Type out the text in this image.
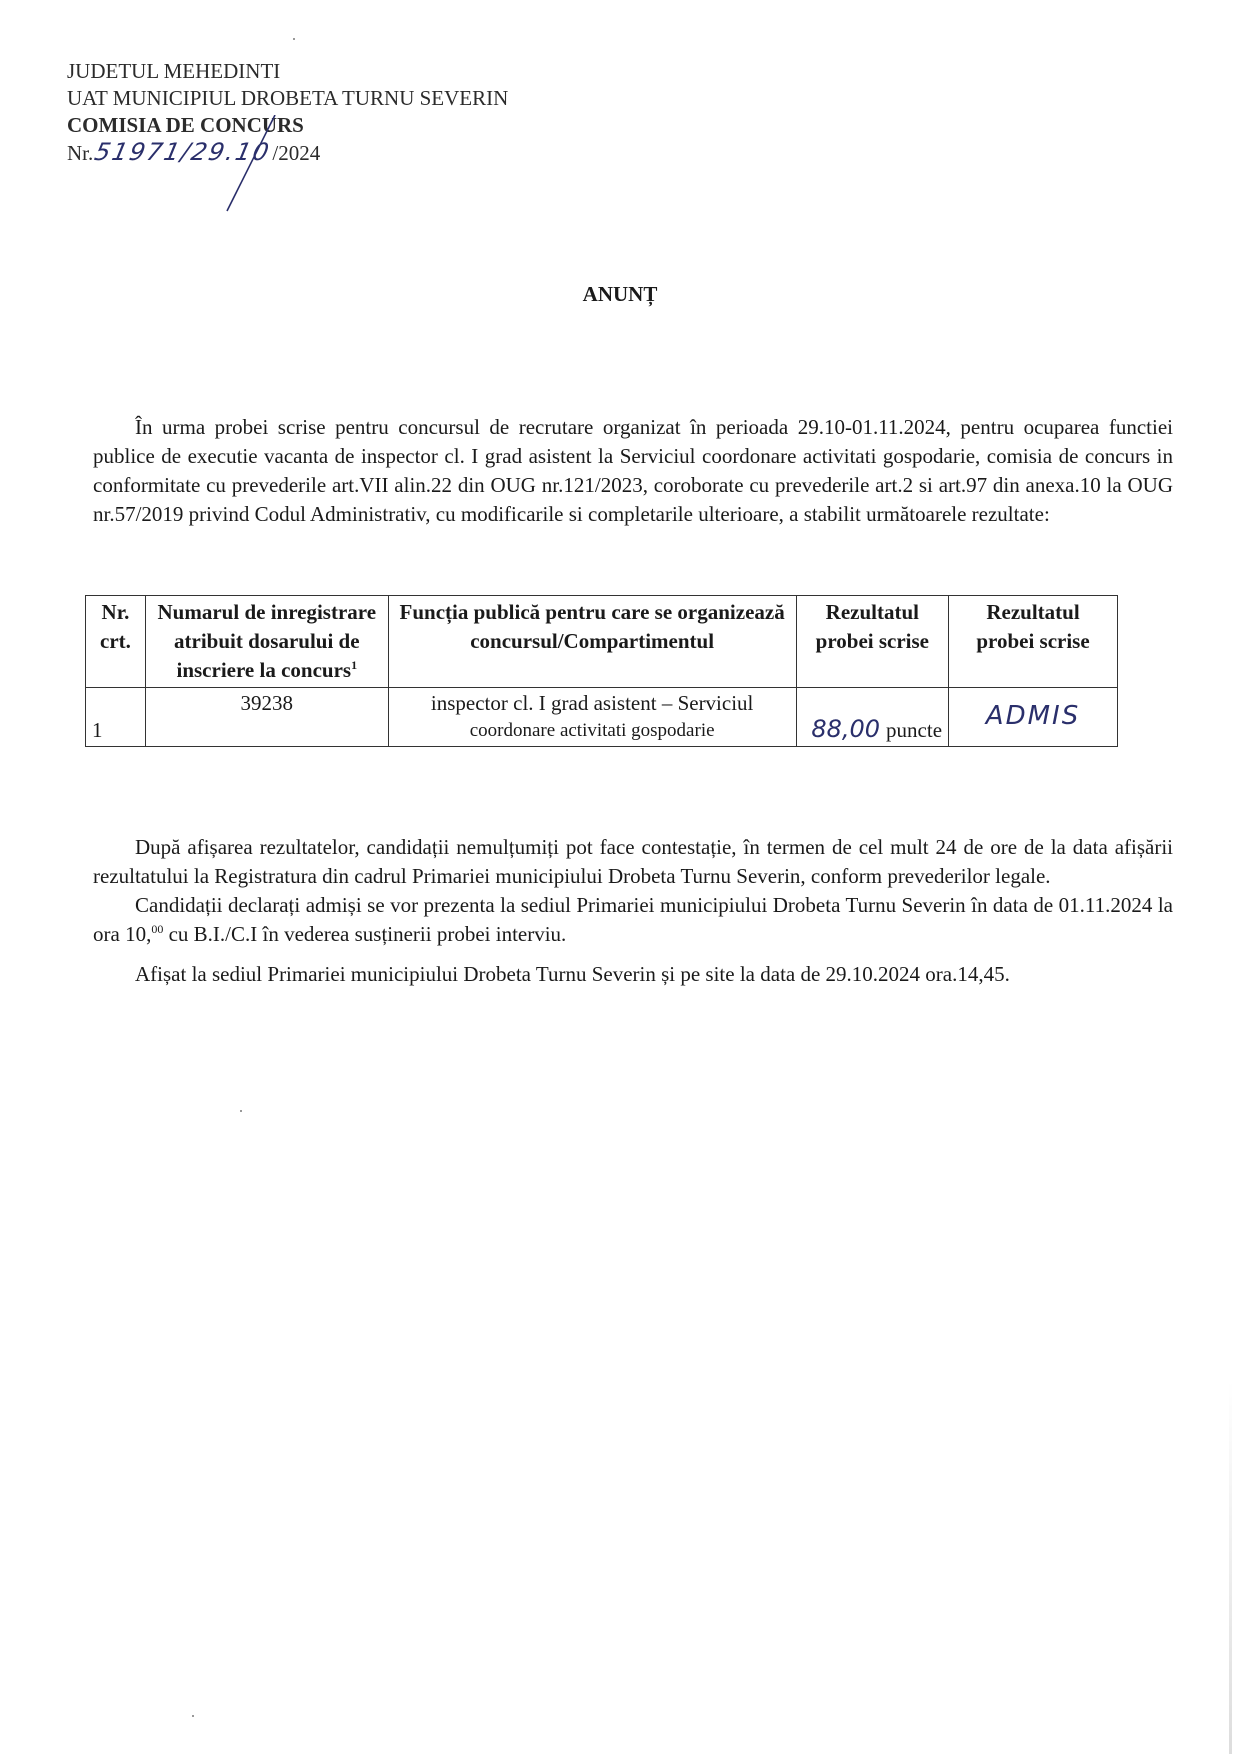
JUDETUL MEHEDINTI
UAT MUNICIPIUL DROBETA TURNU SEVERIN
COMISIA DE CONCURS
Nr.51971/29.10/2024
ANUNȚ
În urma probei scrise pentru concursul de recrutare organizat în perioada 29.10-01.11.2024, pentru ocuparea functiei publice de executie vacanta de inspector cl. I grad asistent la Serviciul coordonare activitati gospodarie, comisia de concurs in conformitate cu prevederile art.VII alin.22 din OUG nr.121/2023, coroborate cu prevederile art.2 si art.97 din anexa.10 la OUG nr.57/2019 privind Codul Administrativ, cu modificarile si completarile ulterioare, a stabilit următoarele rezultate:
Nr. crt.	Numarul de inregistrare atribuit dosarului de inscriere la concurs$^1$	Funcția publică pentru care se organizează concursul/Compartimentul	Rezultatul probei scrise	Rezultatul probei scrise
1	39238	inspector cl. I grad asistent – Serviciul
coordonare activitati gospodarie	88,00 puncte	ADMIS
După afișarea rezultatelor, candidații nemulțumiți pot face contestație, în termen de cel mult 24 de ore de la data afișării rezultatului la Registratura din cadrul Primariei municipiului Drobeta Turnu Severin, conform prevederilor legale.
Candidații declarați admiși se vor prezenta la sediul Primariei municipiului Drobeta Turnu Severin în data de 01.11.2024 la ora 10,00 cu B.I./C.I în vederea susținerii probei interviu.
Afișat la sediul Primariei municipiului Drobeta Turnu Severin și pe site la data de 29.10.2024 ora.14,45.
